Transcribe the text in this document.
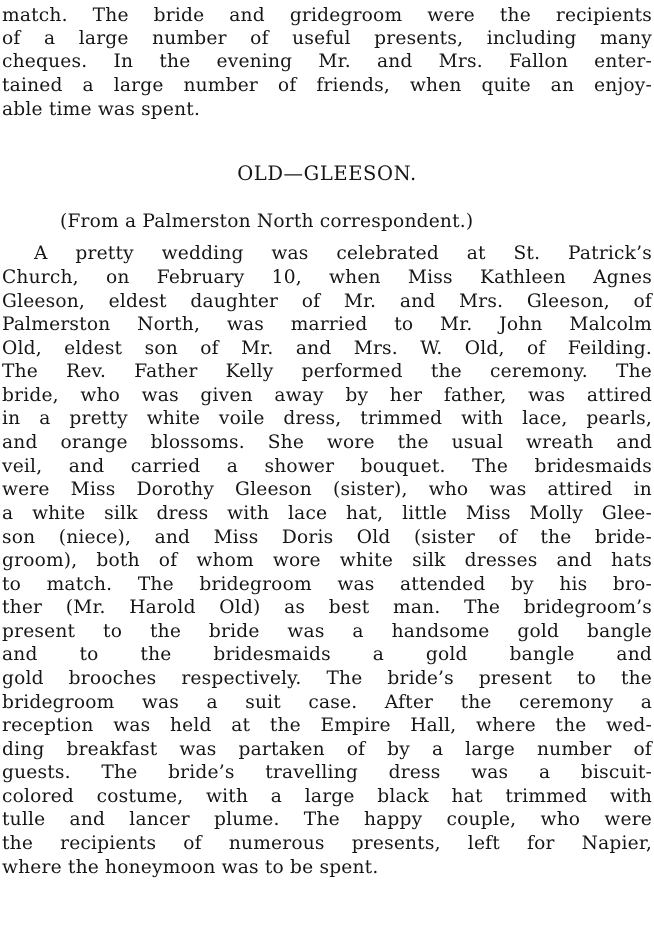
match. The bride and gridegroom were the recipients
of a large number of useful presents, including many
cheques. In the evening Mr. and Mrs. Fallon enter-
tained a large number of friends, when quite an enjoy-
able time was spent.
OLD—GLEESON.
(From a Palmerston North correspondent.)
A pretty wedding was celebrated at St. Patrick’s
Church, on February 10, when Miss Kathleen Agnes
Gleeson, eldest daughter of Mr. and Mrs. Gleeson, of
Palmerston North, was married to Mr. John Malcolm
Old, eldest son of Mr. and Mrs. W. Old, of Feilding.
The Rev. Father Kelly performed the ceremony. The
bride, who was given away by her father, was attired
in a pretty white voile dress, trimmed with lace, pearls,
and orange blossoms. She wore the usual wreath and
veil, and carried a shower bouquet. The bridesmaids
were Miss Dorothy Gleeson (sister), who was attired in
a white silk dress with lace hat, little Miss Molly Glee-
son (niece), and Miss Doris Old (sister of the bride-
groom), both of whom wore white silk dresses and hats
to match. The bridegroom was attended by his bro-
ther (Mr. Harold Old) as best man. The bridegroom’s
present to the bride was a handsome gold bangle
and to the bridesmaids a gold bangle and
gold brooches respectively. The bride’s present to the
bridegroom was a suit case. After the ceremony a
reception was held at the Empire Hall, where the wed-
ding breakfast was partaken of by a large number of
guests. The bride’s travelling dress was a biscuit-
colored costume, with a large black hat trimmed with
tulle and lancer plume. The happy couple, who were
the recipients of numerous presents, left for Napier,
where the honeymoon was to be spent.
